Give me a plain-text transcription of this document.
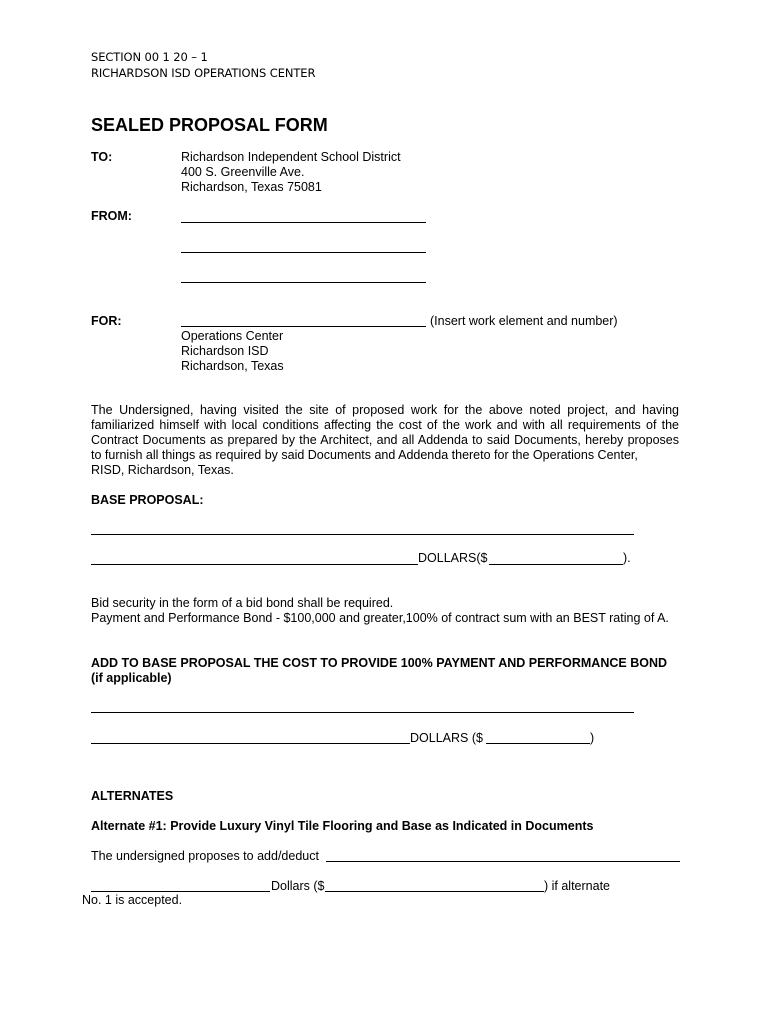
SECTION 00 1 20 – 1
RICHARDSON ISD OPERATIONS CENTER
SEALED PROPOSAL FORM
TO:	Richardson Independent School District
400 S. Greenville Ave.
Richardson, Texas 75081
FROM:
FOR:	(Insert work element and number)
Operations Center
Richardson ISD
Richardson, Texas
The Undersigned, having visited the site of proposed work for the above noted project, and having familiarized himself with local conditions affecting the cost of the work and with all requirements of the Contract Documents as prepared by the Architect, and all Addenda to said Documents, hereby proposes to furnish all things as required by said Documents and Addenda thereto for the Operations Center,
RISD, Richardson, Texas.
BASE PROPOSAL:
DOLLARS($	).
Bid security in the form of a bid bond shall be required.
Payment and Performance Bond - $100,000 and greater,100% of contract sum with an BEST rating of A.
ADD TO BASE PROPOSAL THE COST TO PROVIDE 100% PAYMENT AND PERFORMANCE BOND
(if applicable)
DOLLARS ($	)
ALTERNATES
Alternate #1: Provide Luxury Vinyl Tile Flooring and Base as Indicated in Documents
The undersigned proposes to add/deduct
Dollars ($	) if alternate
No. 1 is accepted.
